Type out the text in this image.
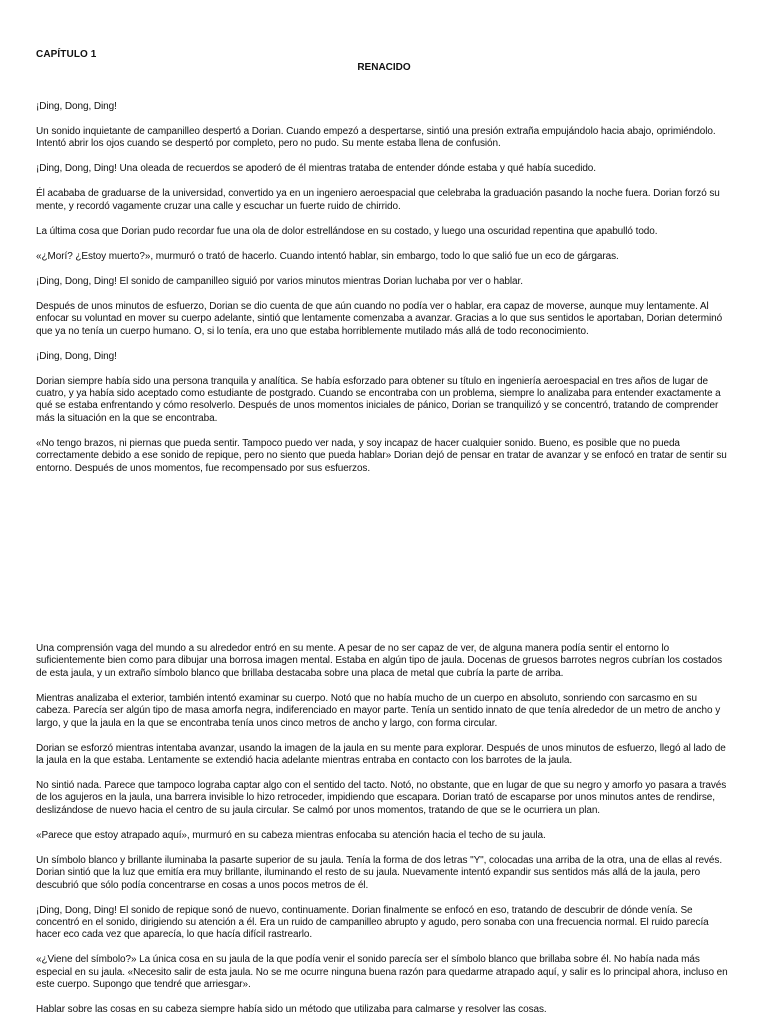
CAPÍTULO 1
RENACIDO

¡Ding, Dong, Ding!

Un sonido inquietante de campanilleo despertó a Dorian. Cuando empezó a despertarse, sintió una presión extraña empujándolo hacia abajo, oprimiéndolo. Intentó abrir los ojos cuando se despertó por completo, pero no pudo. Su mente estaba llena de confusión.

¡Ding, Dong, Ding! Una oleada de recuerdos se apoderó de él mientras trataba de entender dónde estaba y qué había sucedido.

Él acababa de graduarse de la universidad, convertido ya en un ingeniero aeroespacial que celebraba la graduación pasando la noche fuera. Dorian forzó su mente, y recordó vagamente cruzar una calle y escuchar un fuerte ruido de chirrido.

La última cosa que Dorian pudo recordar fue una ola de dolor estrellándose en su costado, y luego una oscuridad repentina que apabulló todo.

«¿Morí? ¿Estoy muerto?», murmuró o trató de hacerlo. Cuando intentó hablar, sin embargo, todo lo que salió fue un eco de gárgaras.

¡Ding, Dong, Ding! El sonido de campanilleo siguió por varios minutos mientras Dorian luchaba por ver o hablar.

Después de unos minutos de esfuerzo, Dorian se dio cuenta de que aún cuando no podía ver o hablar, era capaz de moverse, aunque muy lentamente. Al enfocar su voluntad en mover su cuerpo adelante, sintió que lentamente comenzaba a avanzar. Gracias a lo que sus sentidos le aportaban, Dorian determinó que ya no tenía un cuerpo humano. O, si lo tenía, era uno que estaba horriblemente mutilado más allá de todo reconocimiento.

¡Ding, Dong, Ding!

Dorian siempre había sido una persona tranquila y analítica. Se había esforzado para obtener su título en ingeniería aeroespacial en tres años de lugar de cuatro, y ya había sido aceptado como estudiante de postgrado. Cuando se encontraba con un problema, siempre lo analizaba para entender exactamente a qué se estaba enfrentando y cómo resolverlo. Después de unos momentos iniciales de pánico, Dorian se tranquilizó y se concentró, tratando de comprender más la situación en la que se encontraba.

«No tengo brazos, ni piernas que pueda sentir. Tampoco puedo ver nada, y soy incapaz de hacer cualquier sonido. Bueno, es posible que no pueda correctamente debido a ese sonido de repique, pero no siento que pueda hablar» Dorian dejó de pensar en tratar de avanzar y se enfocó en tratar de sentir su entorno. Después de unos momentos, fue recompensado por sus esfuerzos.

Una comprensión vaga del mundo a su alrededor entró en su mente. A pesar de no ser capaz de ver, de alguna manera podía sentir el entorno lo suficientemente bien como para dibujar una borrosa imagen mental. Estaba en algún tipo de jaula. Docenas de gruesos barrotes negros cubrían los costados de esta jaula, y un extraño símbolo blanco que brillaba destacaba sobre una placa de metal que cubría la parte de arriba.

Mientras analizaba el exterior, también intentó examinar su cuerpo. Notó que no había mucho de un cuerpo en absoluto, sonriendo con sarcasmo en su cabeza. Parecía ser algún tipo de masa amorfa negra, indiferenciado en mayor parte. Tenía un sentido innato de que tenía alrededor de un metro de ancho y largo, y que la jaula en la que se encontraba tenía unos cinco metros de ancho y largo, con forma circular.

Dorian se esforzó mientras intentaba avanzar, usando la imagen de la jaula en su mente para explorar. Después de unos minutos de esfuerzo, llegó al lado de la jaula en la que estaba. Lentamente se extendió hacia adelante mientras entraba en contacto con los barrotes de la jaula.

No sintió nada. Parece que tampoco lograba captar algo con el sentido del tacto. Notó, no obstante, que en lugar de que su negro y amorfo yo pasara a través de los agujeros en la jaula, una barrera invisible lo hizo retroceder, impidiendo que escapara. Dorian trató de escaparse por unos minutos antes de rendirse, deslizándose de nuevo hacia el centro de su jaula circular. Se calmó por unos momentos, tratando de que se le ocurriera un plan.

«Parece que estoy atrapado aquí», murmuró en su cabeza mientras enfocaba su atención hacia el techo de su jaula.

Un símbolo blanco y brillante iluminaba la pasarte superior de su jaula. Tenía la forma de dos letras "Y", colocadas una arriba de la otra, una de ellas al revés. Dorian sintió que la luz que emitía era muy brillante, iluminando el resto de su jaula. Nuevamente intentó expandir sus sentidos más allá de la jaula, pero descubrió que sólo podía concentrarse en cosas a unos pocos metros de él.

¡Ding, Dong, Ding! El sonido de repique sonó de nuevo, continuamente. Dorian finalmente se enfocó en eso, tratando de descubrir de dónde venía. Se concentró en el sonido, dirigiendo su atención a él. Era un ruido de campanilleo abrupto y agudo, pero sonaba con una frecuencia normal. El ruido parecía hacer eco cada vez que aparecía, lo que hacía difícil rastrearlo.

«¿Viene del símbolo?» La única cosa en su jaula de la que podía venir el sonido parecía ser el símbolo blanco que brillaba sobre él. No había nada más especial en su jaula. «Necesito salir de esta jaula. No se me ocurre ninguna buena razón para quedarme atrapado aquí, y salir es lo principal ahora, incluso en este cuerpo. Supongo que tendré que arriesgar».

Hablar sobre las cosas en su cabeza siempre había sido un método que utilizaba para calmarse y resolver las cosas.
